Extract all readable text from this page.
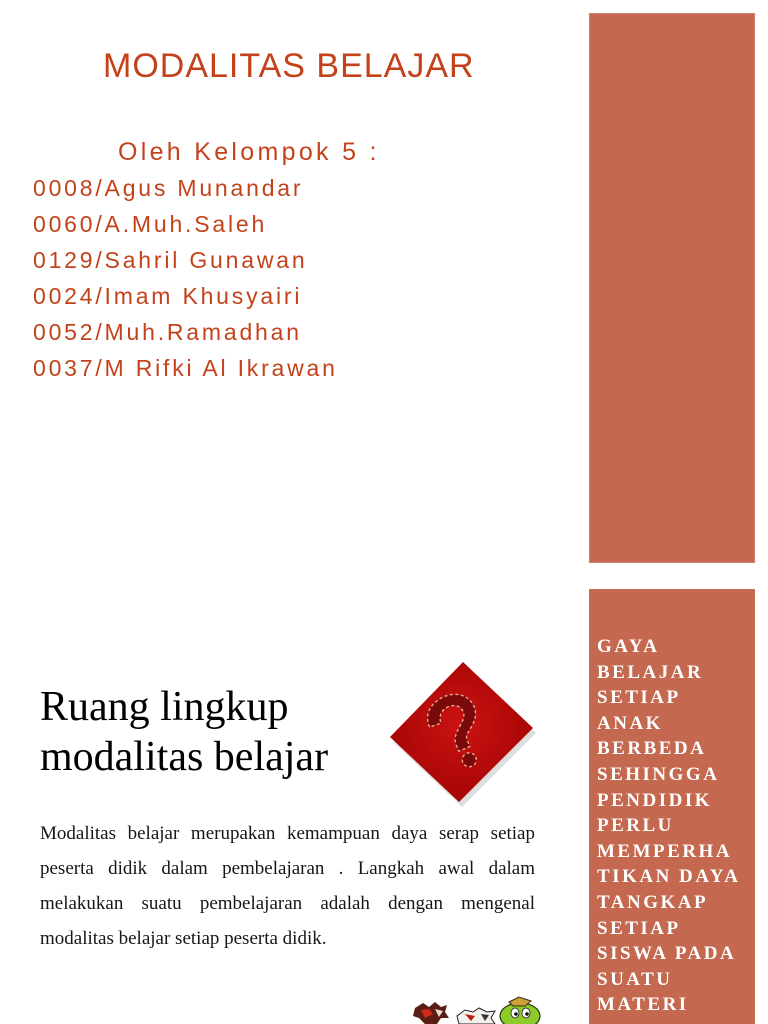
MODALITAS BELAJAR
Oleh Kelompok 5 :
0008/Agus Munandar
0060/A.Muh.Saleh
0129/Sahril Gunawan
0024/Imam Khusyairi
0052/Muh.Ramadhan
0037/M Rifki Al Ikrawan
Ruang lingkup modalitas belajar

Modalitas belajar merupakan kemampuan daya serap setiap peserta didik dalam pembelajaran . Langkah awal dalam melakukan suatu pembelajaran adalah dengan mengenal modalitas belajar setiap peserta didik.

GAYA
BELAJAR
SETIAP
ANAK
BERBEDA
SEHINGGA
PENDIDIK
PERLU
MEMPERHA
TIKAN DAYA
TANGKAP
SETIAP
SISWA PADA
SUATU
MATERI
